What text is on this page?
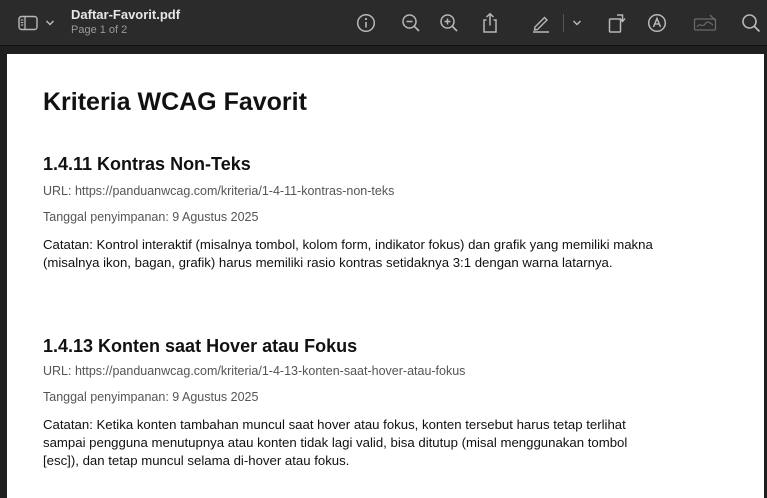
Daftar-Favorit.pdf
Page 1 of 2
Kriteria WCAG Favorit
1.4.11 Kontras Non-Teks
URL: https://panduanwcag.com/kriteria/1-4-11-kontras-non-teks
Tanggal penyimpanan: 9 Agustus 2025
Catatan: Kontrol interaktif (misalnya tombol, kolom form, indikator fokus) dan grafik yang memiliki makna
(misalnya ikon, bagan, grafik) harus memiliki rasio kontras setidaknya 3:1 dengan warna latarnya.
1.4.13 Konten saat Hover atau Fokus
URL: https://panduanwcag.com/kriteria/1-4-13-konten-saat-hover-atau-fokus
Tanggal penyimpanan: 9 Agustus 2025
Catatan: Ketika konten tambahan muncul saat hover atau fokus, konten tersebut harus tetap terlihat
sampai pengguna menutupnya atau konten tidak lagi valid, bisa ditutup (misal menggunakan tombol
[esc]), dan tetap muncul selama di-hover atau fokus.
